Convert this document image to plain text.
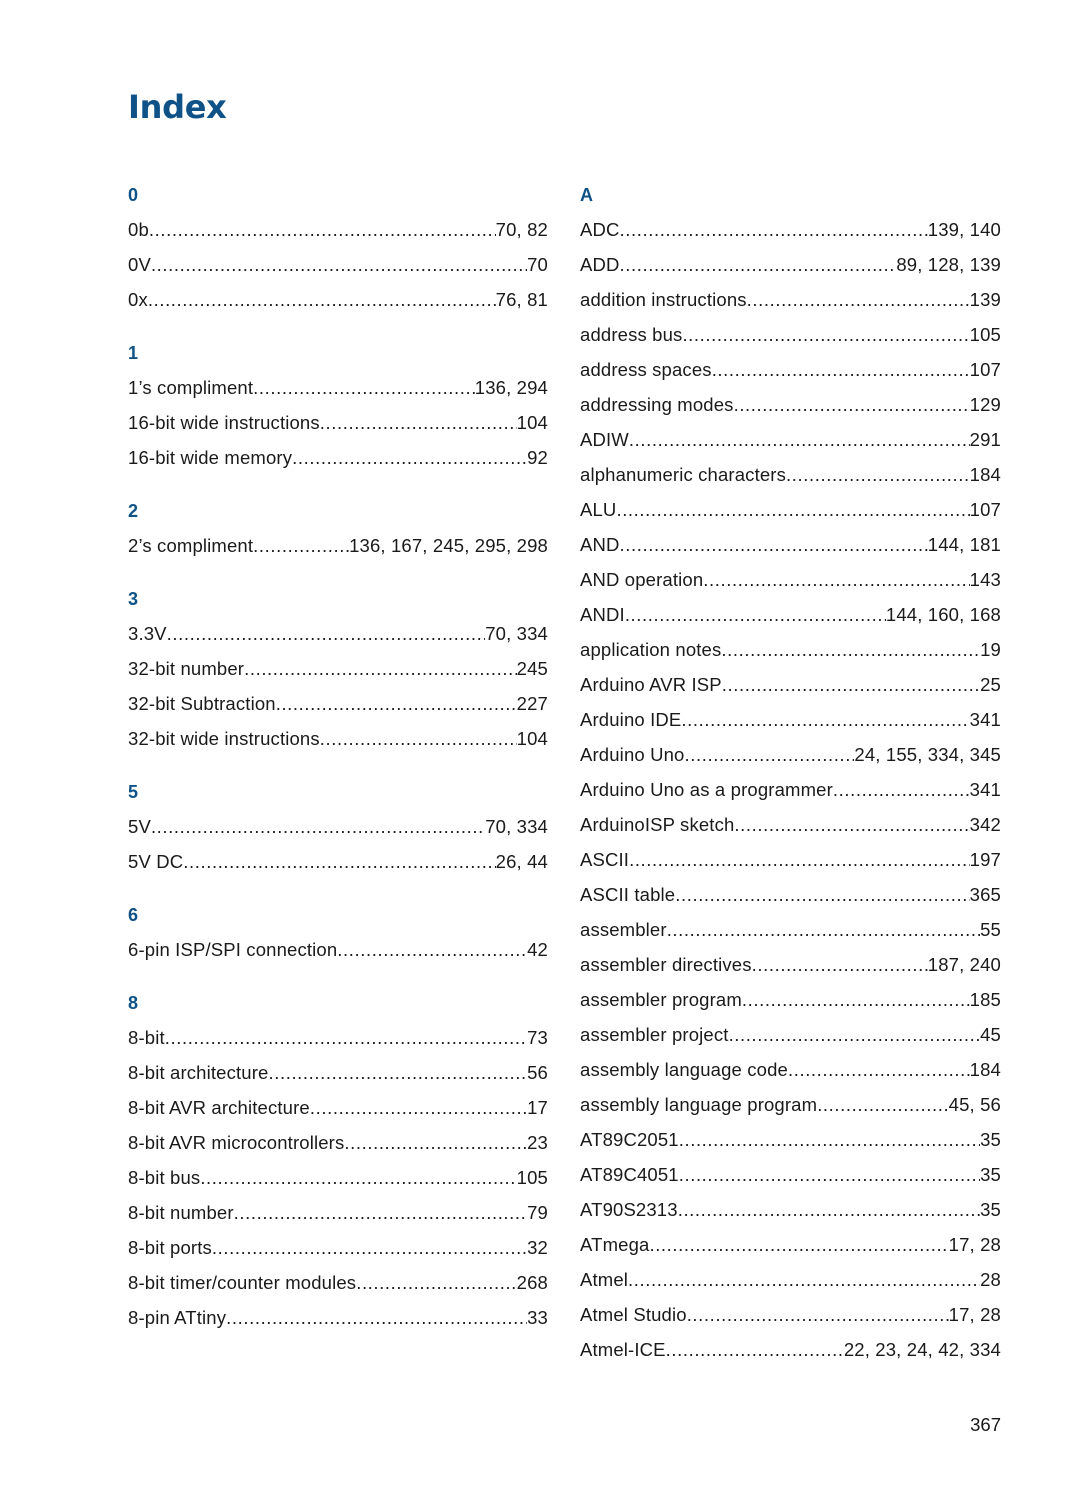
Index
0
0b .....	70, 82
0V .....	70
0x .....	76, 81
1
1’s compliment .....	136, 294
16-bit wide instructions .....	104
16-bit wide memory .....	92
2
2’s compliment .....	136, 167, 245, 295, 298
3
3.3V .....	70, 334
32-bit number .....	245
32-bit Subtraction .....	227
32-bit wide instructions .....	104
5
5V .....	70, 334
5V DC .....	26, 44
6
6-pin ISP/SPI connection .....	42
8
8-bit .....	73
8-bit architecture .....	56
8-bit AVR architecture .....	17
8-bit AVR microcontrollers .....	23
8-bit bus .....	105
8-bit number .....	79
8-bit ports .....	32
8-bit timer/counter modules .....	268
8-pin ATtiny .....	33
A
ADC .....	139, 140
ADD .....	89, 128, 139
addition instructions .....	139
address bus .....	105
address spaces .....	107
addressing modes .....	129
ADIW .....	291
alphanumeric characters .....	184
ALU .....	107
AND .....	144, 181
AND operation .....	143
ANDI .....	144, 160, 168
application notes .....	19
Arduino AVR ISP .....	25
Arduino IDE .....	341
Arduino Uno .....	24, 155, 334, 345
Arduino Uno as a programmer .....	341
ArduinoISP sketch .....	342
ASCII .....	197
ASCII table .....	365
assembler .....	55
assembler directives .....	187, 240
assembler program .....	185
assembler project .....	45
assembly language code .....	184
assembly language program .....	45, 56
AT89C2051 .....	35
AT89C4051 .....	35
AT90S2313 .....	35
ATmega .....	17, 28
Atmel .....	28
Atmel Studio .....	17, 28
Atmel-ICE .....	22, 23, 24, 42, 334
367
